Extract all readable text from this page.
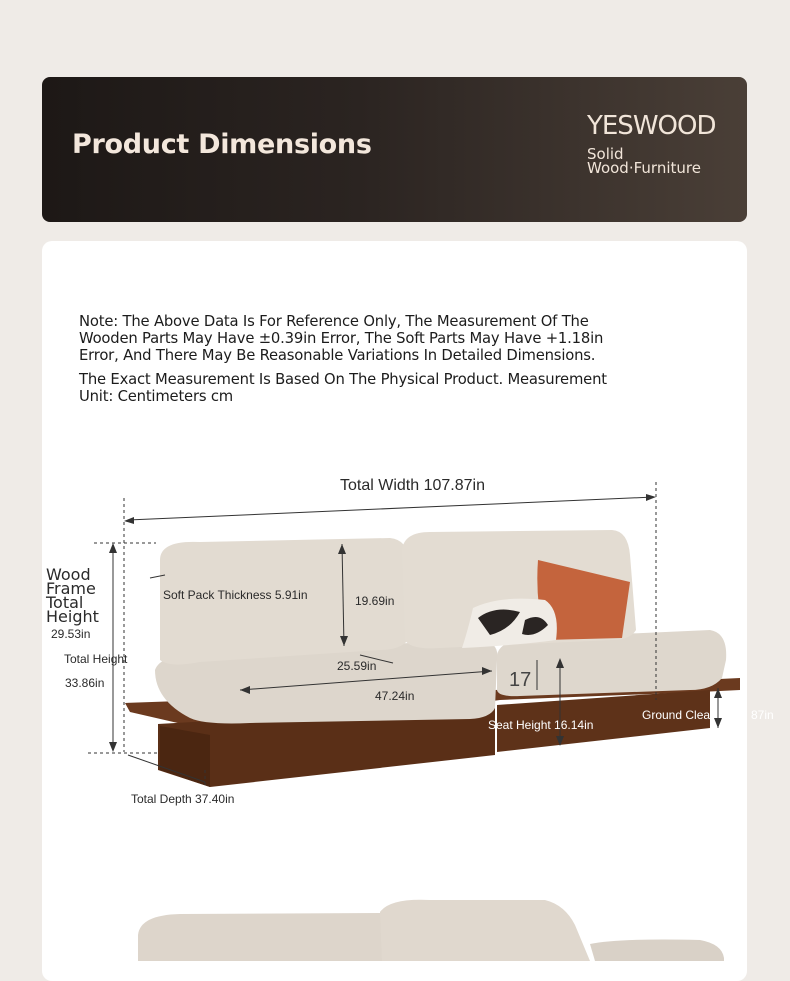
Product Dimensions
YESWOOD
Solid
Wood·Furniture
Note: The Above Data Is For Reference Only, The Measurement Of The Wooden Parts May Have ±0.39in Error, The Soft Parts May Have +1.18in Error, And There May Be Reasonable Variations In Detailed Dimensions.
The Exact Measurement Is Based On The Physical Product. Measurement Unit: Centimeters cm
Total Width 107.87in
Wood
Frame
Total
Height
29.53in
Total Height
33.86in
Soft Pack Thickness 5.91in	19.69in
25.59in
47.24in
17
Seat Height 16.14in
Ground Clea	87in
Total Depth 37.40in
